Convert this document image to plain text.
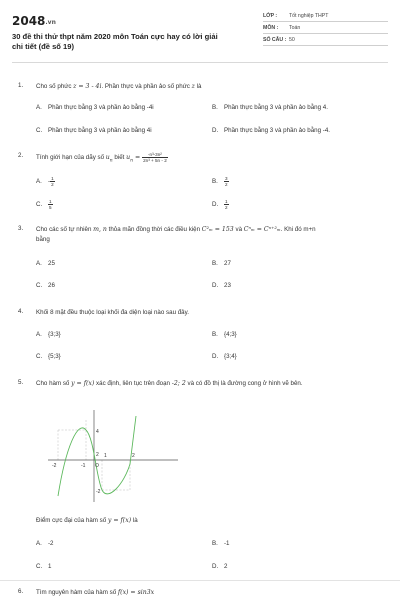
2048.vn
30 đề thi thử thpt năm 2020 môn Toán cực hay có lời giải chi tiết (đề số 19)
LỚP :	Tốt nghiệp THPT
MÔN :	Toán
SỐ CÂU : 50
1.	Cho số phức z = 3 - 4i. Phần thực và phần ảo số phức z là
A. Phần thực bằng 3 và phần ảo bằng -4i	B. Phần thực bằng 3 và phần ảo bằng 4.
C. Phần thực bằng 3 và phần ảo bằng 4i	D. Phần thực bằng 3 và phần ảo bằng -4.
2.	Tính giới hạn của dãy số $u_n$ biết $u_n = \frac{\text{-n³-3n²}}{\text{2n³ + 5n - 2}}$
A. - $\frac{1}{2}$	B. $\frac{3}{2}$
C. $\frac{1}{5}$	D. $\frac{1}{2}$
3.	Cho các số tự nhiên m, n thỏa mãn đồng thời các điều kiện C²ₘ = 153 và Cⁿₘ = Cⁿ⁺²ₘ. Khi đó m+n
bằng
A. 25	B. 27
C. 26	D. 23
4.	Khối 8 mặt đều thuộc loại khối đa diện loại nào sau đây.
A. {3;3}	B. {4;3}
C. {5;3}	D. {3;4}
5.	Cho hàm số y = f(x) xác định, liên tục trên đoạn -2; 2 và có đồ thị là đường cong ở hình vẽ bên.
4
-2
-2	-1 O
1	2
2
Điểm cực đại của hàm số y = f(x) là
A. -2	B. -1
C. 1	D. 2
6.	Tìm nguyên hàm của hàm số f(x) = sin3x
